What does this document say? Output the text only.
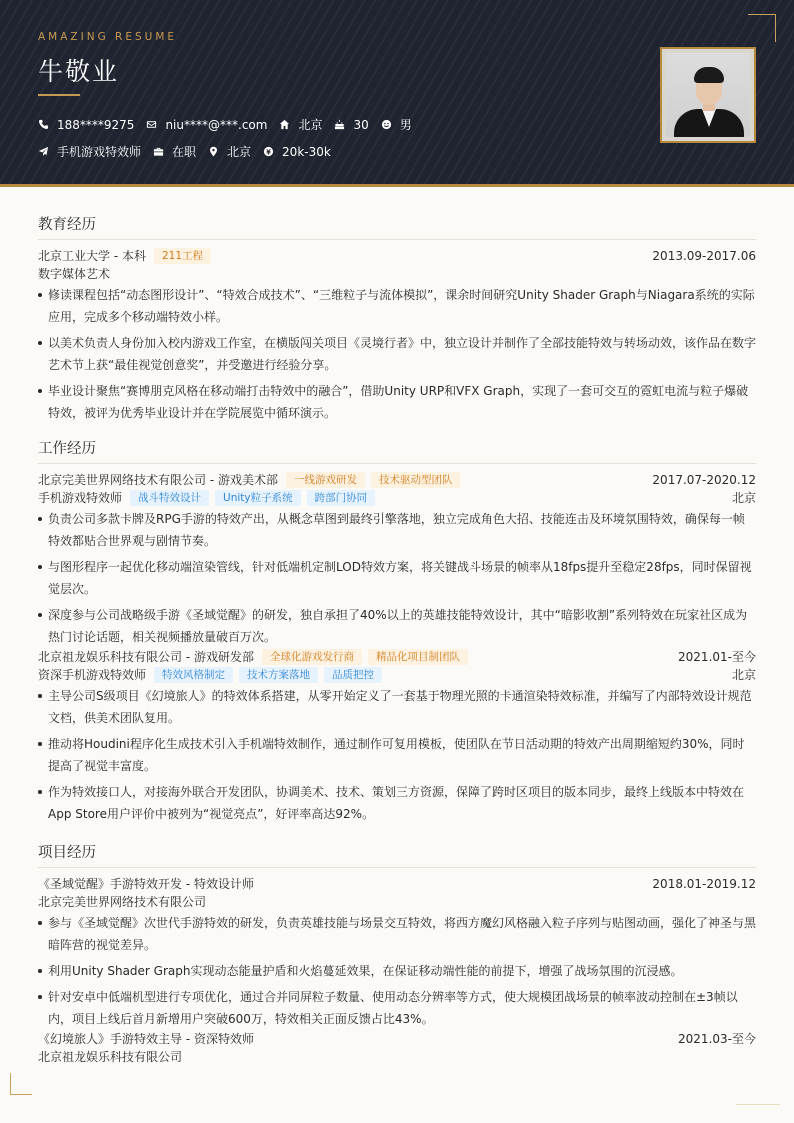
AMAZING RESUME
牛敬业
188****9275	niu****@***.com	北京	30	男
手机游戏特效师	在职	北京	20k-30k
教育经历
北京工业大学 - 本科	211工程	2013.09-2017.06
数字媒体艺术
修读课程包括“动态图形设计”、“特效合成技术”、“三维粒子与流体模拟”，课余时间研究Unity Shader Graph与Niagara系统的实际应用，完成多个移动端特效小样。
以美术负责人身份加入校内游戏工作室，在横版闯关项目《灵境行者》中，独立设计并制作了全部技能特效与转场动效，该作品在数字艺术节上获“最佳视觉创意奖”，并受邀进行经验分享。
毕业设计聚焦“赛博朋克风格在移动端打击特效中的融合”，借助Unity URP和VFX Graph，实现了一套可交互的霓虹电流与粒子爆破特效，被评为优秀毕业设计并在学院展览中循环演示。
工作经历
北京完美世界网络技术有限公司 - 游戏美术部	一线游戏研发	技术驱动型团队	2017.07-2020.12
手机游戏特效师	战斗特效设计	Unity粒子系统	跨部门协同	北京
负责公司多款卡牌及RPG手游的特效产出，从概念草图到最终引擎落地，独立完成角色大招、技能连击及环境氛围特效，确保每一帧特效都贴合世界观与剧情节奏。
与图形程序一起优化移动端渲染管线，针对低端机定制LOD特效方案，将关键战斗场景的帧率从18fps提升至稳定28fps，同时保留视觉层次。
深度参与公司战略级手游《圣域觉醒》的研发，独自承担了40%以上的英雄技能特效设计，其中“暗影收割”系列特效在玩家社区成为热门讨论话题，相关视频播放量破百万次。
北京祖龙娱乐科技有限公司 - 游戏研发部	全球化游戏发行商	精品化项目制团队	2021.01-至今
资深手机游戏特效师	特效风格制定	技术方案落地	品质把控	北京
主导公司S级项目《幻境旅人》的特效体系搭建，从零开始定义了一套基于物理光照的卡通渲染特效标准，并编写了内部特效设计规范文档，供美术团队复用。
推动将Houdini程序化生成技术引入手机端特效制作，通过制作可复用模板，使团队在节日活动期的特效产出周期缩短约30%，同时提高了视觉丰富度。
作为特效接口人，对接海外联合开发团队，协调美术、技术、策划三方资源，保障了跨时区项目的版本同步，最终上线版本中特效在App Store用户评价中被列为“视觉亮点”，好评率高达92%。
项目经历
《圣域觉醒》手游特效开发 - 特效设计师	2018.01-2019.12
北京完美世界网络技术有限公司
参与《圣域觉醒》次世代手游特效的研发，负责英雄技能与场景交互特效，将西方魔幻风格融入粒子序列与贴图动画，强化了神圣与黑暗阵营的视觉差异。
利用Unity Shader Graph实现动态能量护盾和火焰蔓延效果，在保证移动端性能的前提下，增强了战场氛围的沉浸感。
针对安卓中低端机型进行专项优化，通过合并同屏粒子数量、使用动态分辨率等方式，使大规模团战场景的帧率波动控制在±3帧以内，项目上线后首月新增用户突破600万，特效相关正面反馈占比43%。
《幻境旅人》手游特效主导 - 资深特效师	2021.03-至今
北京祖龙娱乐科技有限公司
